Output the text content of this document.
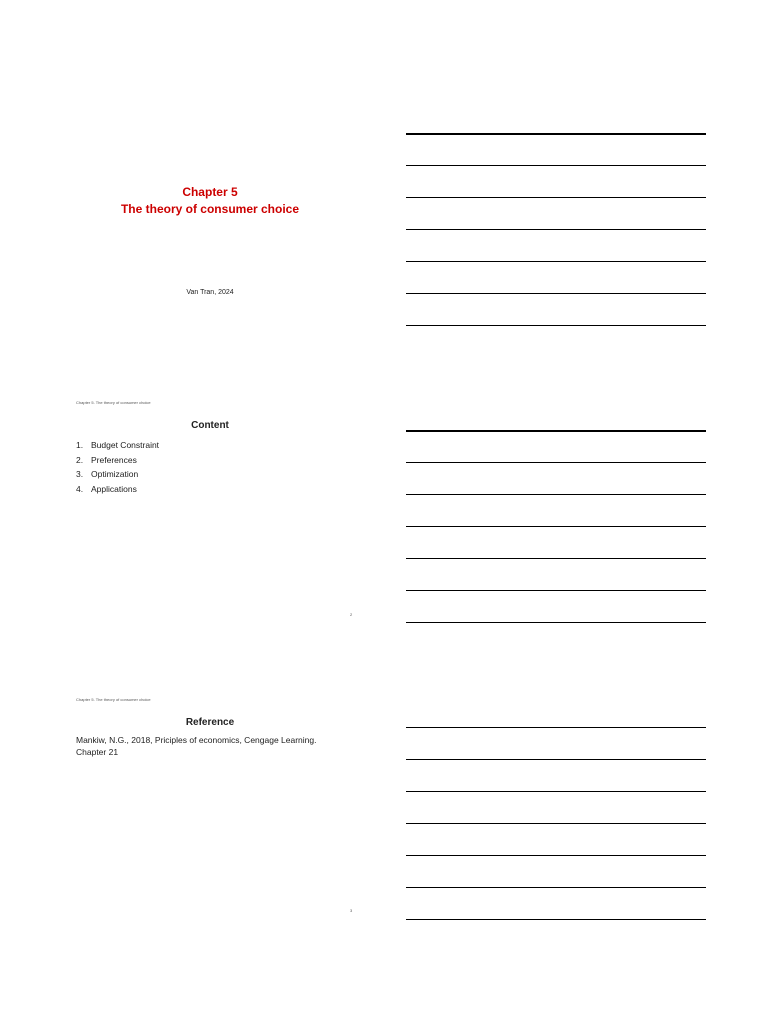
Chapter 5
The theory of consumer choice
Van Tran, 2024
Chapter 5. The theory of consumer choice
Content
1. Budget Constraint
2. Preferences
3. Optimization
4. Applications
2
Chapter 5. The theory of consumer choice
Reference
Mankiw, N.G., 2018, Priciples of economics, Cengage Learning. Chapter 21
3
